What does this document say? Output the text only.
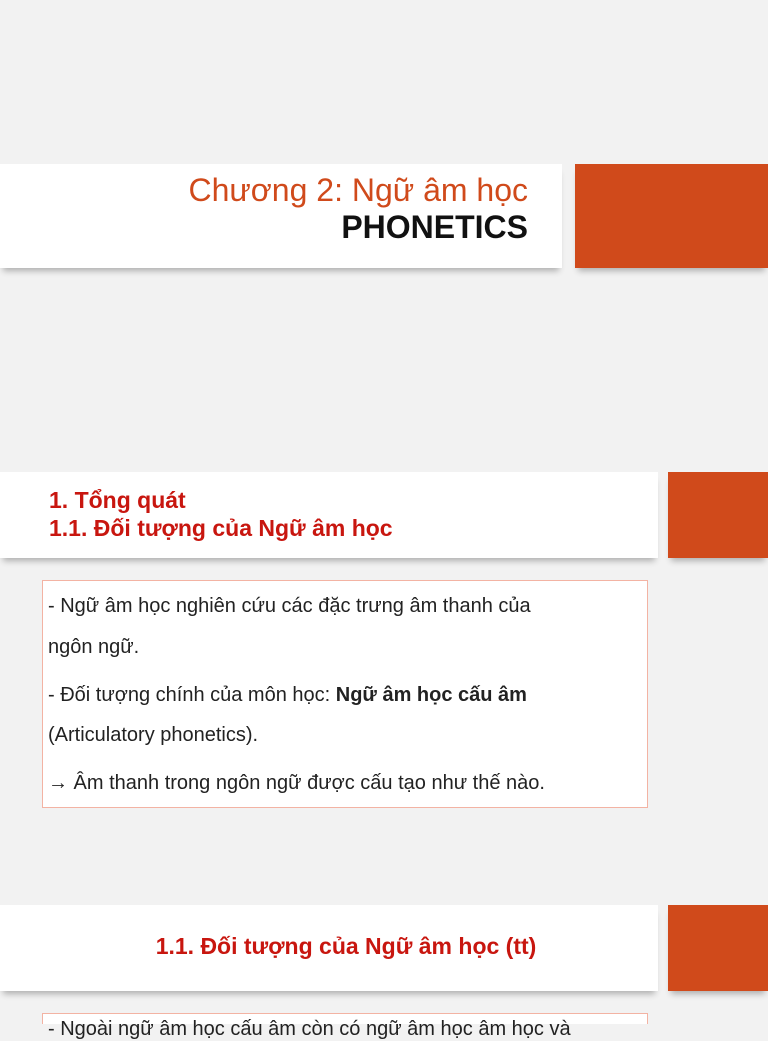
Chương 2: Ngữ âm học
PHONETICS
1. Tổng quát
1.1. Đối tượng của Ngữ âm học
- Ngữ âm học nghiên cứu các đặc trưng âm thanh của
ngôn ngữ.
- Đối tượng chính của môn học: Ngữ âm học cấu âm
(Articulatory phonetics).
→ Âm thanh trong ngôn ngữ được cấu tạo như thế nào.
1.1. Đối tượng của Ngữ âm học (tt)
- Ngoài ngữ âm học cấu âm còn có ngữ âm học âm học và
